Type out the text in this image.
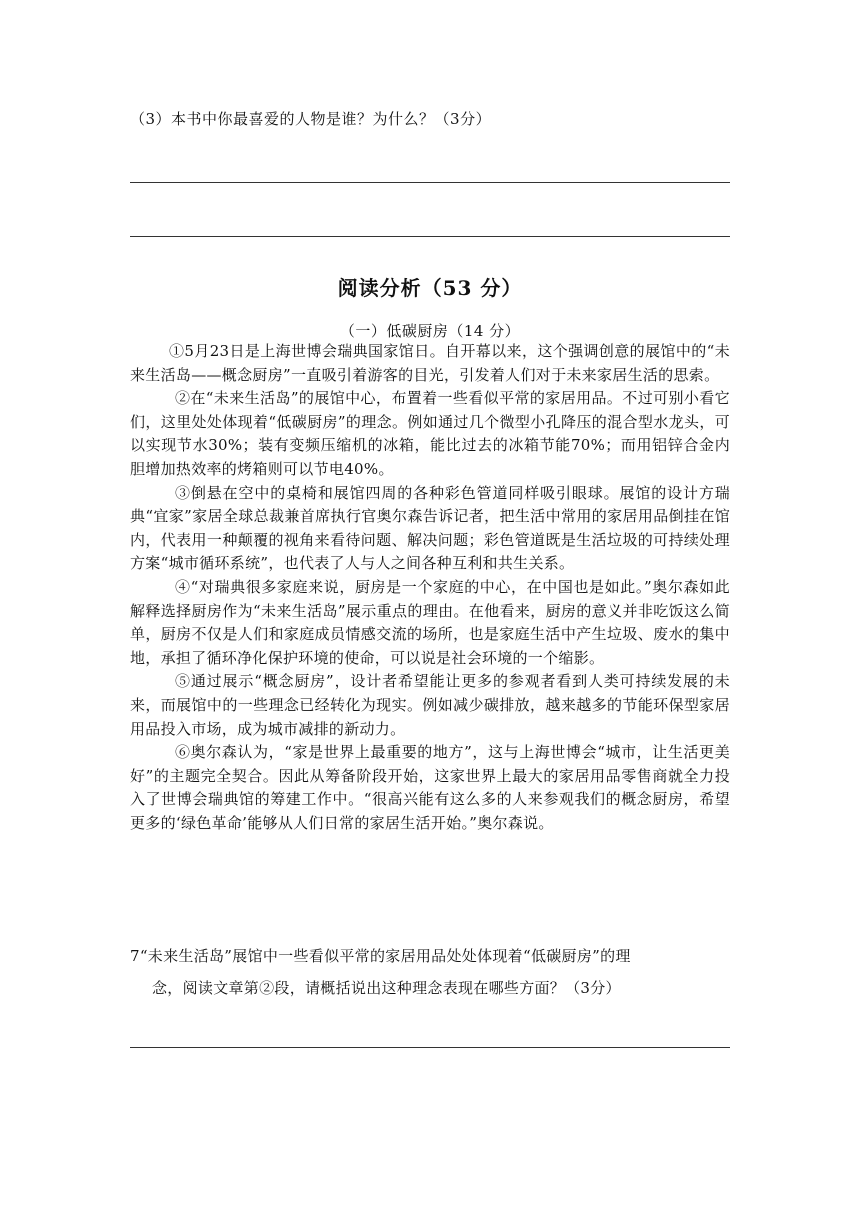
（3）本书中你最喜爱的人物是谁？为什么？（3分）
阅读分析（53 分）
（一）低碳厨房（14 分）

①5月23日是上海世博会瑞典国家馆日。自开幕以来，这个强调创意的展馆中的“未来生活岛——概念厨房”一直吸引着游客的目光，引发着人们对于未来家居生活的思索。

②在“未来生活岛”的展馆中心，布置着一些看似平常的家居用品。不过可别小看它们，这里处处体现着“低碳厨房”的理念。例如通过几个微型小孔降压的混合型水龙头，可以实现节水30%；装有变频压缩机的冰箱，能比过去的冰箱节能70%；而用铝锌合金内胆增加热效率的烤箱则可以节电40%。

③倒悬在空中的桌椅和展馆四周的各种彩色管道同样吸引眼球。展馆的设计方瑞典“宜家”家居全球总裁兼首席执行官奥尔森告诉记者，把生活中常用的家居用品倒挂在馆内，代表用一种颠覆的视角来看待问题、解决问题；彩色管道既是生活垃圾的可持续处理方案“城市循环系统”，也代表了人与人之间各种互利和共生关系。

④“对瑞典很多家庭来说，厨房是一个家庭的中心，在中国也是如此。”奥尔森如此解释选择厨房作为“未来生活岛”展示重点的理由。在他看来，厨房的意义并非吃饭这么简单，厨房不仅是人们和家庭成员情感交流的场所，也是家庭生活中产生垃圾、废水的集中地，承担了循环净化保护环境的使命，可以说是社会环境的一个缩影。

⑤通过展示“概念厨房”，设计者希望能让更多的参观者看到人类可持续发展的未来，而展馆中的一些理念已经转化为现实。例如减少碳排放，越来越多的节能环保型家居用品投入市场，成为城市减排的新动力。

⑥奥尔森认为，“家是世界上最重要的地方”，这与上海世博会“城市，让生活更美好”的主题完全契合。因此从筹备阶段开始，这家世界上最大的家居用品零售商就全力投入了世博会瑞典馆的筹建工作中。“很高兴能有这么多的人来参观我们的概念厨房，希望更多的‘绿色革命’能够从人们日常的家居生活开始。”奥尔森说。

7“未来生活岛”展馆中一些看似平常的家居用品处处体现着“低碳厨房”的理
念，阅读文章第②段，请概括说出这种理念表现在哪些方面？（3分）
